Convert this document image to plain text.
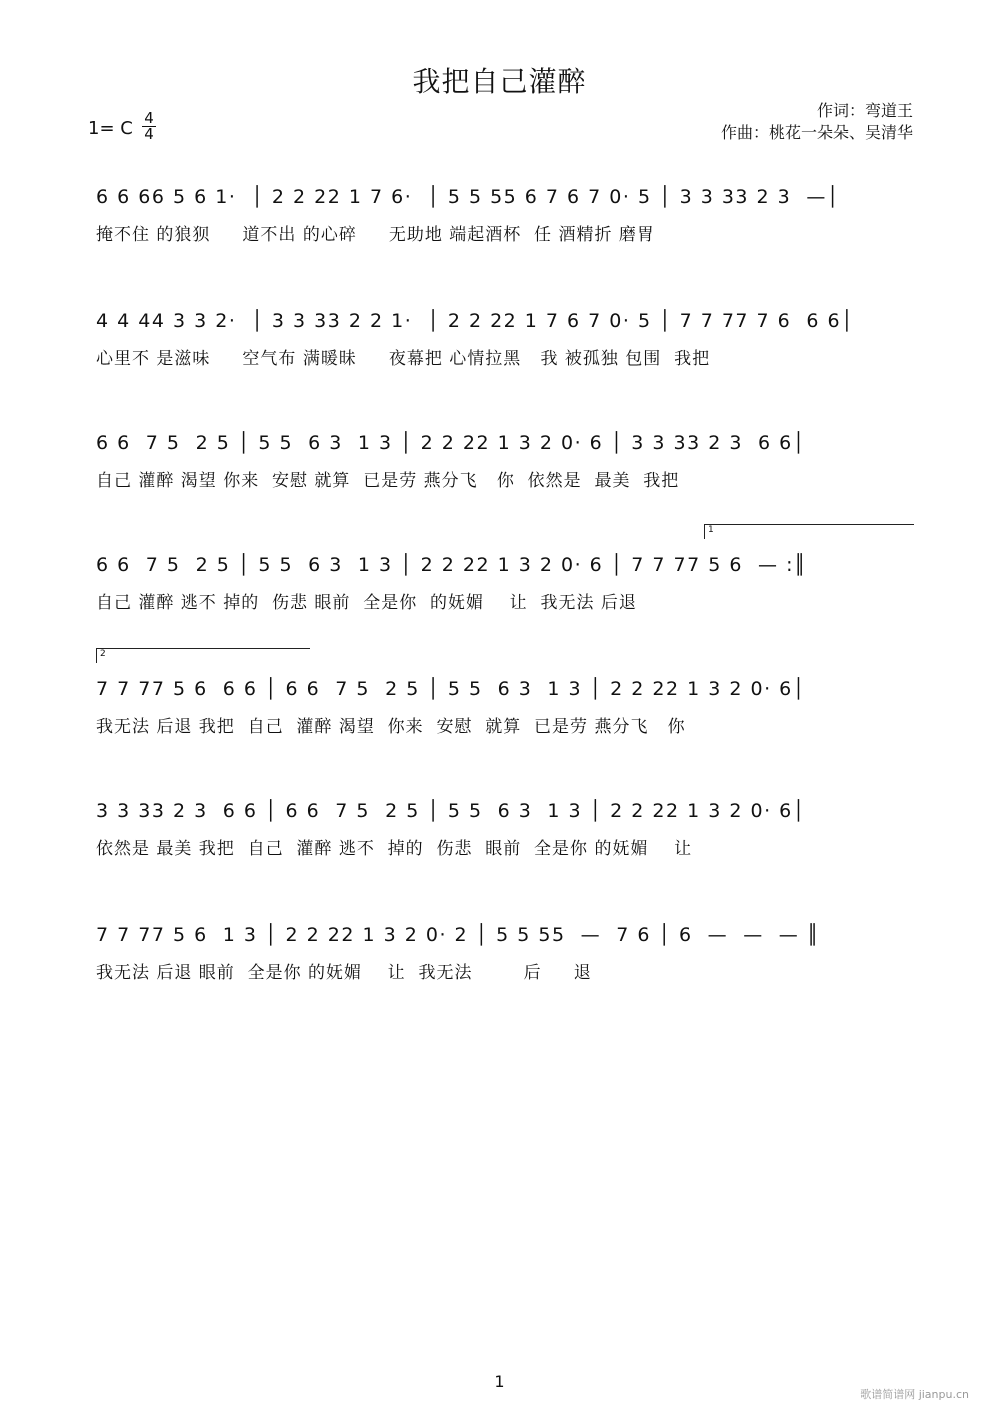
我把自己灌醉
1= C 4
4
作词：弯道王
作曲：桃花一朵朵、吴清华
6 6 66 5 6 1·  │ 2 2 22 1 7 6·  │ 5 5 55 6 7 6 7 0· 5 │ 3 3 33 2 3  —│
掩不住 的狼狈     道不出 的心碎     无助地 端起酒杯  任 酒精折 磨胃
4 4 44 3 3 2·  │ 3 3 33 2 2 1·  │ 2 2 22 1 7 6 7 0· 5 │ 7 7 77 7 6  6 6│
心里不 是滋味     空气布 满暖昧     夜幕把 心情拉黑   我 被孤独 包围  我把
6 6  7 5  2 5 │ 5 5  6 3  1 3 │ 2 2 22 1 3 2 0· 6 │ 3 3 33 2 3  6 6│
自己 灌醉 渴望 你来  安慰 就算  已是劳 燕分飞   你  依然是  最美  我把
1
6 6  7 5  2 5 │ 5 5  6 3  1 3 │ 2 2 22 1 3 2 0· 6 │ 7 7 77 5 6  — :║
自己 灌醉 逃不 掉的  伤悲 眼前  全是你  的妩媚    让  我无法 后退
2
7 7 77 5 6  6 6 │ 6 6  7 5  2 5 │ 5 5  6 3  1 3 │ 2 2 22 1 3 2 0· 6│
我无法 后退 我把  自己  灌醉 渴望  你来  安慰  就算  已是劳 燕分飞   你
3 3 33 2 3  6 6 │ 6 6  7 5  2 5 │ 5 5  6 3  1 3 │ 2 2 22 1 3 2 0· 6│
依然是 最美 我把  自己  灌醉 逃不  掉的  伤悲  眼前  全是你 的妩媚    让
7 7 77 5 6  1 3 │ 2 2 22 1 3 2 0· 2 │ 5 5 55  —  7 6 │ 6  —  —  — ║
我无法 后退 眼前  全是你 的妩媚    让  我无法        后     退
1
歌谱简谱网 jianpu.cn
